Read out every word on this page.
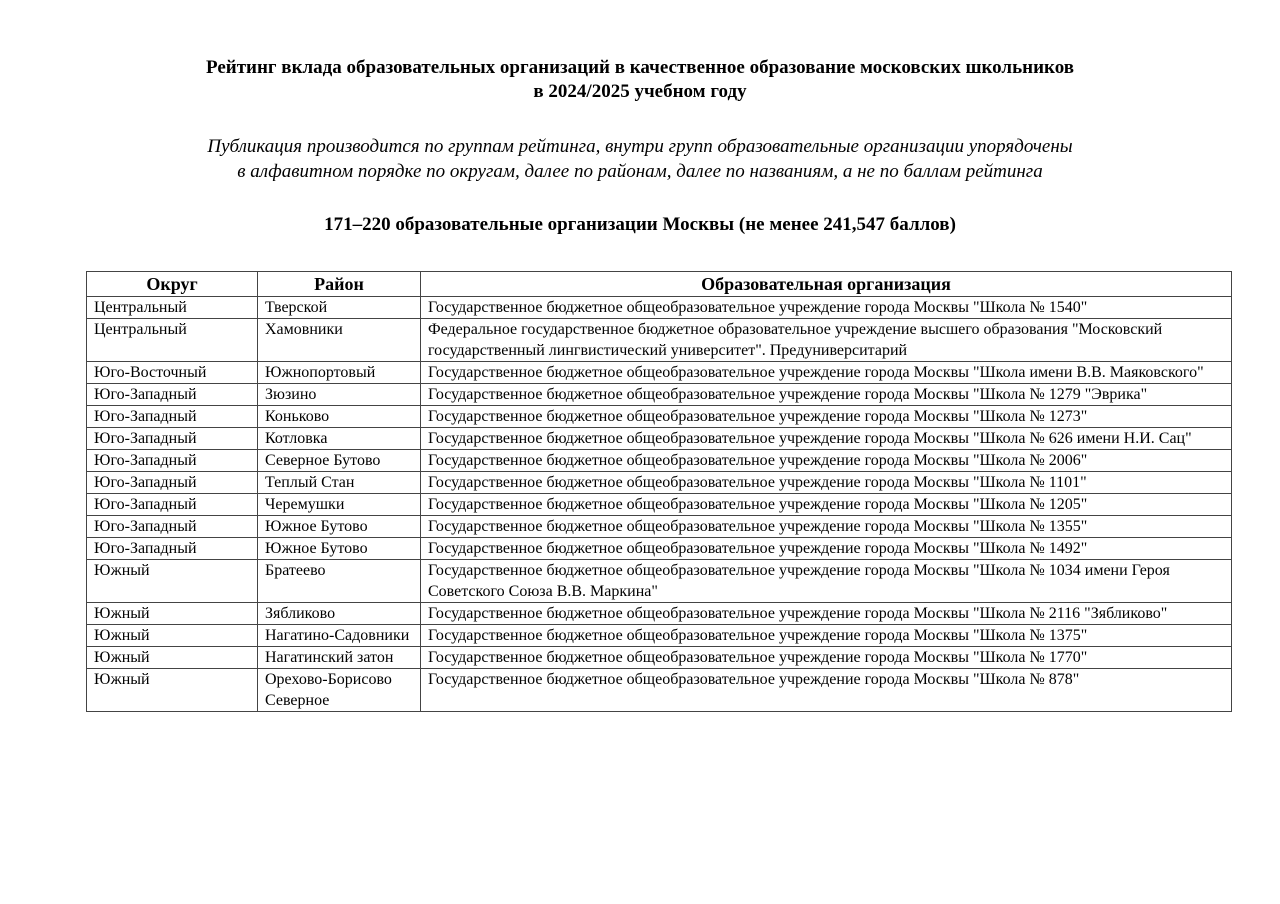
Рейтинг вклада образовательных организаций в качественное образование московских школьников
в 2024/2025 учебном году
Публикация производится по группам рейтинга, внутри групп образовательные организации упорядочены
в алфавитном порядке по округам, далее по районам, далее по названиям, а не по баллам рейтинга
171–220 образовательные организации Москвы (не менее 241,547 баллов)
Округ	Район	Образовательная организация
Центральный	Тверской	Государственное бюджетное общеобразовательное учреждение города Москвы "Школа № 1540"
Центральный	Хамовники	Федеральное государственное бюджетное образовательное учреждение высшего образования "Московский государственный лингвистический университет". Предуниверситарий
Юго-Восточный	Южнопортовый	Государственное бюджетное общеобразовательное учреждение города Москвы "Школа имени В.В. Маяковского"
Юго-Западный	Зюзино	Государственное бюджетное общеобразовательное учреждение города Москвы "Школа № 1279 "Эврика"
Юго-Западный	Коньково	Государственное бюджетное общеобразовательное учреждение города Москвы "Школа № 1273"
Юго-Западный	Котловка	Государственное бюджетное общеобразовательное учреждение города Москвы "Школа № 626 имени Н.И. Сац"
Юго-Западный	Северное Бутово	Государственное бюджетное общеобразовательное учреждение города Москвы "Школа № 2006"
Юго-Западный	Теплый Стан	Государственное бюджетное общеобразовательное учреждение города Москвы "Школа № 1101"
Юго-Западный	Черемушки	Государственное бюджетное общеобразовательное учреждение города Москвы "Школа № 1205"
Юго-Западный	Южное Бутово	Государственное бюджетное общеобразовательное учреждение города Москвы "Школа № 1355"
Юго-Западный	Южное Бутово	Государственное бюджетное общеобразовательное учреждение города Москвы "Школа № 1492"
Южный	Братеево	Государственное бюджетное общеобразовательное учреждение города Москвы "Школа № 1034 имени Героя Советского Союза В.В. Маркина"
Южный	Зябликово	Государственное бюджетное общеобразовательное учреждение города Москвы "Школа № 2116 "Зябликово"
Южный	Нагатино-Садовники	Государственное бюджетное общеобразовательное учреждение города Москвы "Школа № 1375"
Южный	Нагатинский затон	Государственное бюджетное общеобразовательное учреждение города Москвы "Школа № 1770"
Южный	Орехово-Борисово Северное	Государственное бюджетное общеобразовательное учреждение города Москвы "Школа № 878"
